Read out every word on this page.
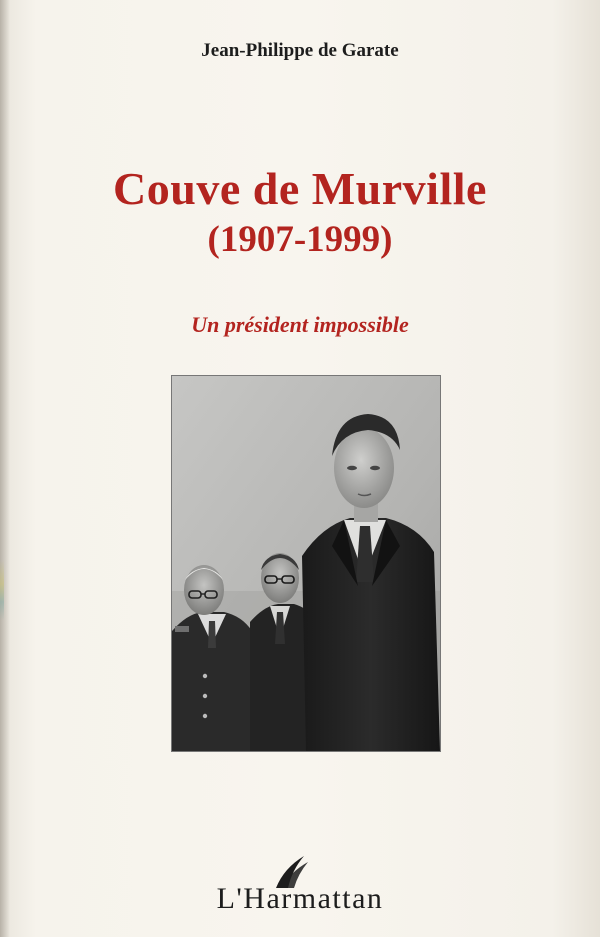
Jean-Philippe de Garate
Couve de Murville
(1907-1999)
Un président impossible
L'Harmattan
